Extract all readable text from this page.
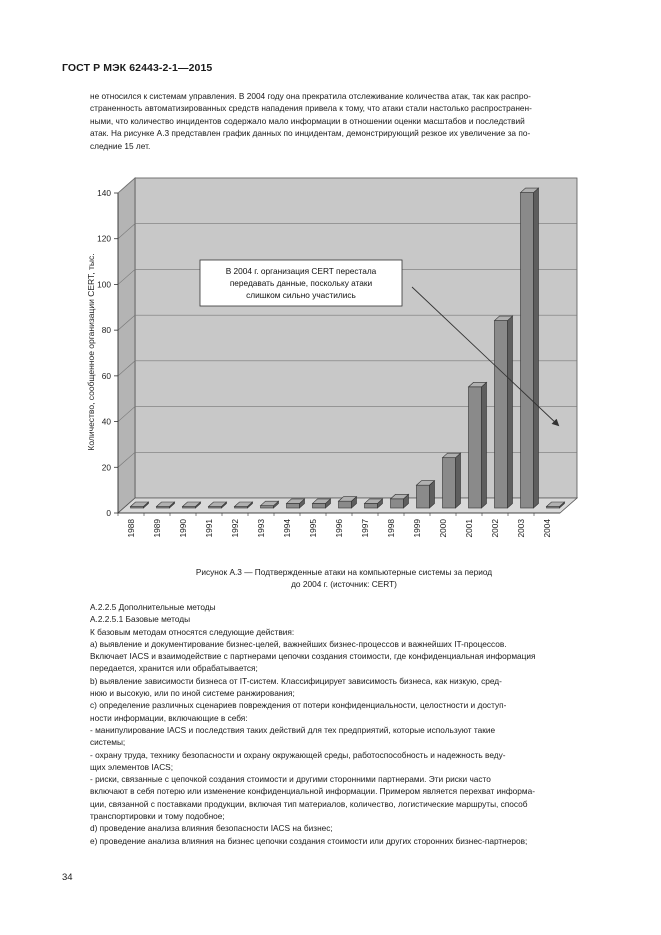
ГОСТ Р МЭК 62443-2-1—2015
не относился к системам управления. В 2004 году она прекратила отслеживание количества атак, так как распро-
страненность автоматизированных средств нападения привела к тому, что атаки стали настолько распространен-
ными, что количество инцидентов содержало мало информации в отношении оценки масштабов и последствий
атак. На рисунке А.3 представлен график данных по инцидентам, демонстрирующий резкое их увеличение за по-
следние 15 лет.
0
20
40
60
80
100
120
140
1988 1989 1990 1991 1992 1993 1994 1995 1996 1997 1998 1999 2000 2001 2002 2003 2004
Количество, сообщенное организации CERT, тыс.	В 2004 г. организация CERT перестала
передавать данные, поскольку атаки
слишком сильно участились
Рисунок А.3 — Подтвержденные атаки на компьютерные системы за период
до 2004 г. (источник: CERT)

А.2.2.5 Дополнительные методы

А.2.2.5.1 Базовые методы

К базовым методам относятся следующие действия:

a) выявление и документирование бизнес-целей, важнейших бизнес-процессов и важнейших IT-процессов.

Включает IACS и взаимодействие с партнерами цепочки создания стоимости, где конфиденциальная информация

передается, хранится или обрабатывается;

b) выявление зависимости бизнеса от IT-систем. Классифицирует зависимость бизнеса, как низкую, сред-

нюю и высокую, или по иной системе ранжирования;

c) определение различных сценариев повреждения от потери конфиденциальности, целостности и доступ-

ности информации, включающие в себя:

- манипулирование IACS и последствия таких действий для тех предприятий, которые используют такие

системы;

- охрану труда, технику безопасности и охрану окружающей среды, работоспособность и надежность веду-

щих элементов IACS;

- риски, связанные с цепочкой создания стоимости и другими сторонними партнерами. Эти риски часто

включают в себя потерю или изменение конфиденциальной информации. Примером является перехват информа-

ции, связанной с поставками продукции, включая тип материалов, количество, логистические маршруты, способ

транспортировки и тому подобное;

d) проведение анализа влияния безопасности IACS на бизнес;

e) проведение анализа влияния на бизнес цепочки создания стоимости или других сторонних бизнес-партнеров;

34
